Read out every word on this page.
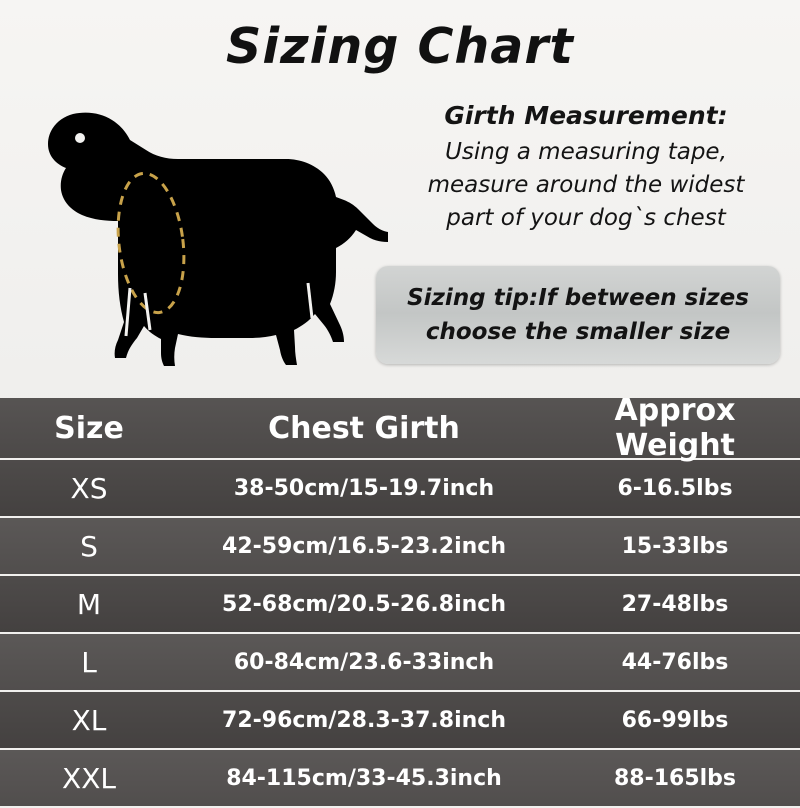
Sizing Chart
Girth Measurement:
Using a measuring tape,
measure around the widest
part of your dog`s chest
Sizing tip:If between sizes
choose the smaller size
Size	Chest Girth	Approx Weight
XS	38-50cm/15-19.7inch	6-16.5lbs
S	42-59cm/16.5-23.2inch	15-33lbs
M	52-68cm/20.5-26.8inch	27-48lbs
L	60-84cm/23.6-33inch	44-76lbs
XL	72-96cm/28.3-37.8inch	66-99lbs
XXL	84-115cm/33-45.3inch	88-165lbs
